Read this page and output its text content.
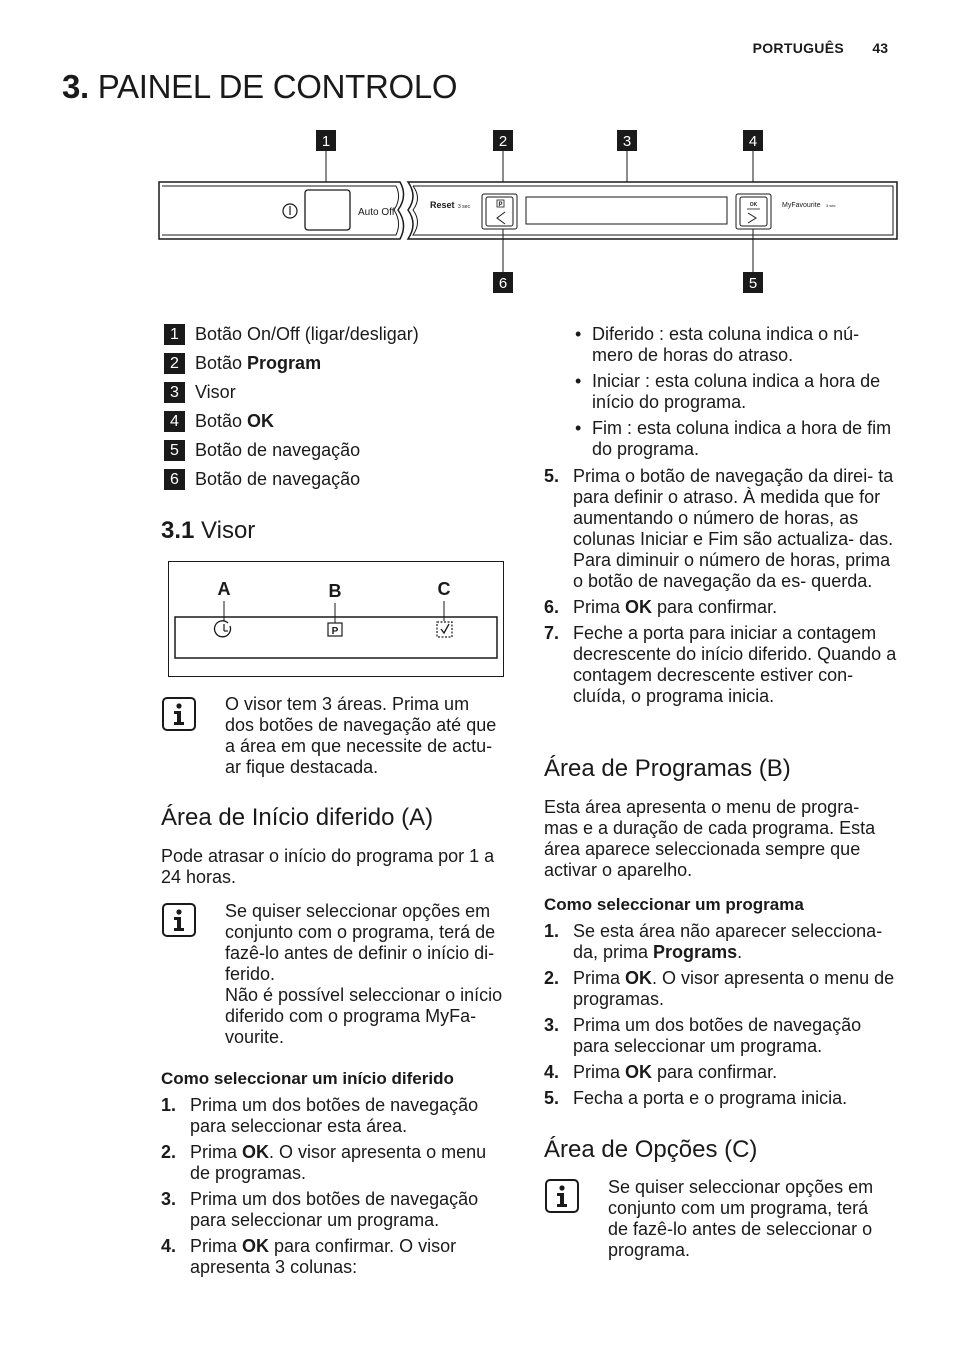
PORTUGUÊS 43
3. PAINEL DE CONTROLO
1	2	3	4
Auto Off
Reset 3 sec	P	OK	MyFavourite 3 sec
6	5
1 Botão On/Off (ligar/desligar)
2 Botão Program
3 Visor
4 Botão OK
5 Botão de navegação
6 Botão de navegação
3.1 Visor
A	B	C
P
O visor tem 3 áreas. Prima um
dos botões de navegação até que
a área em que necessite de actu-
ar fique destacada.
Área de Início diferido (A)
Pode atrasar o início do programa por 1 a
24 horas.
Se quiser seleccionar opções em
conjunto com o programa, terá de
fazê-lo antes de definir o início di-
ferido.
Não é possível seleccionar o início
diferido com o programa MyFa-
vourite.
Como seleccionar um início diferido
1. Prima um dos botões de navegação para seleccionar esta área.
2. Prima OK. O visor apresenta o menu de programas.
3. Prima um dos botões de navegação para seleccionar um programa.
4. Prima OK para confirmar. O visor apresenta 3 colunas:
• Diferido : esta coluna indica o nú- mero de horas do atraso.
• Iniciar : esta coluna indica a hora de início do programa.
• Fim : esta coluna indica a hora de fim do programa.
5. Prima o botão de navegação da direi- ta para definir o atraso. À medida que for aumentando o número de horas, as colunas Iniciar e Fim são actualiza- das. Para diminuir o número de horas, prima o botão de navegação da es- querda.
6. Prima OK para confirmar.
7. Feche a porta para iniciar a contagem decrescente do início diferido. Quando a contagem decrescente estiver con- cluída, o programa inicia.
Área de Programas (B)
Esta área apresenta o menu de progra-
mas e a duração de cada programa. Esta
área aparece seleccionada sempre que
activar o aparelho.
Como seleccionar um programa
1. Se esta área não aparecer selecciona- da, prima Programs.
2. Prima OK. O visor apresenta o menu de programas.
3. Prima um dos botões de navegação para seleccionar um programa.
4. Prima OK para confirmar.
5. Fecha a porta e o programa inicia.
Área de Opções (C)
Se quiser seleccionar opções em
conjunto com um programa, terá
de fazê-lo antes de seleccionar o
programa.
